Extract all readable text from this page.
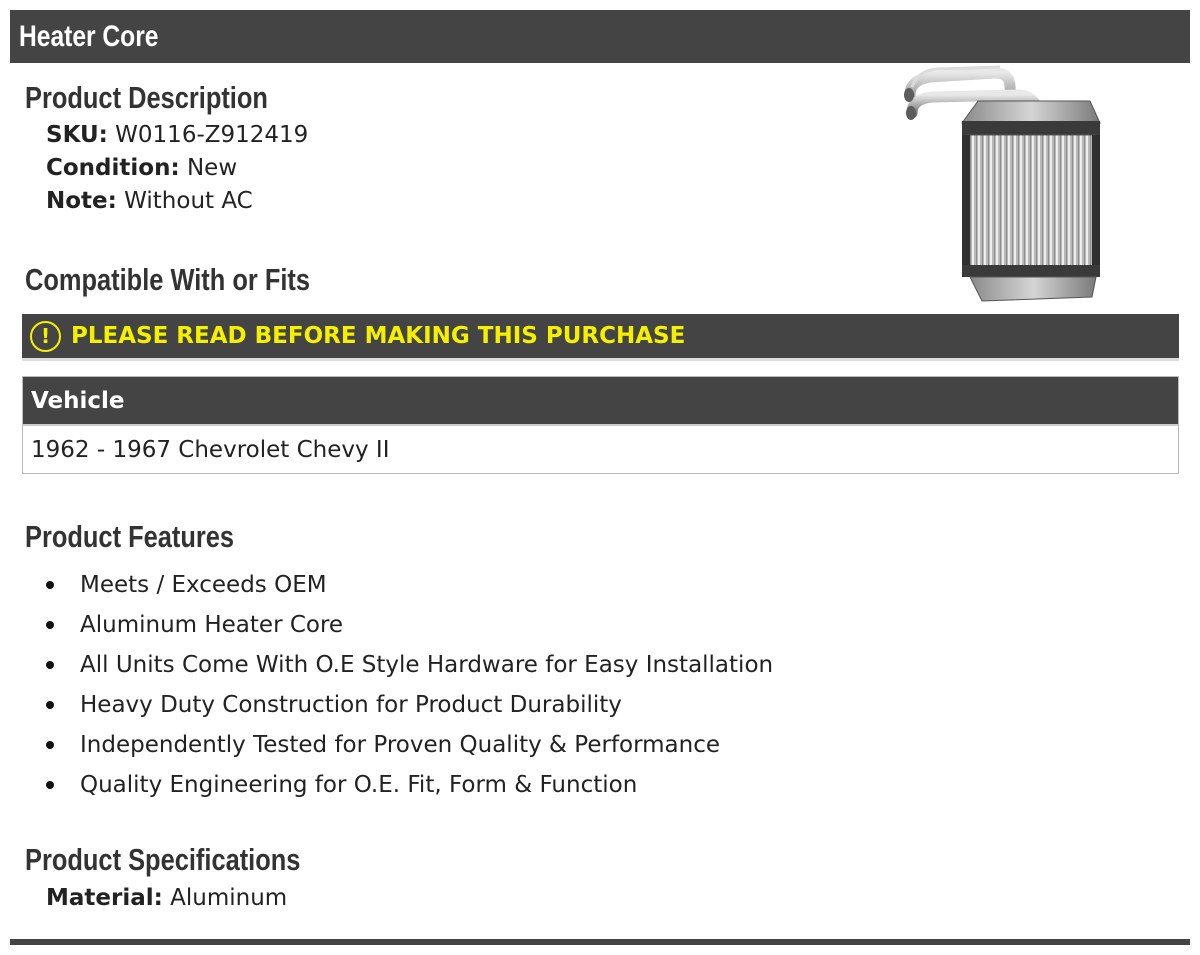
Heater Core
Product Description
SKU: W0116-Z912419
Condition: New
Note: Without AC
Compatible With or Fits
! PLEASE READ BEFORE MAKING THIS PURCHASE
Vehicle
1962 - 1967 Chevrolet Chevy II
Product Features
Meets / Exceeds OEM
Aluminum Heater Core
All Units Come With O.E Style Hardware for Easy Installation
Heavy Duty Construction for Product Durability
Independently Tested for Proven Quality & Performance
Quality Engineering for O.E. Fit, Form & Function
Product Specifications
Material: Aluminum
